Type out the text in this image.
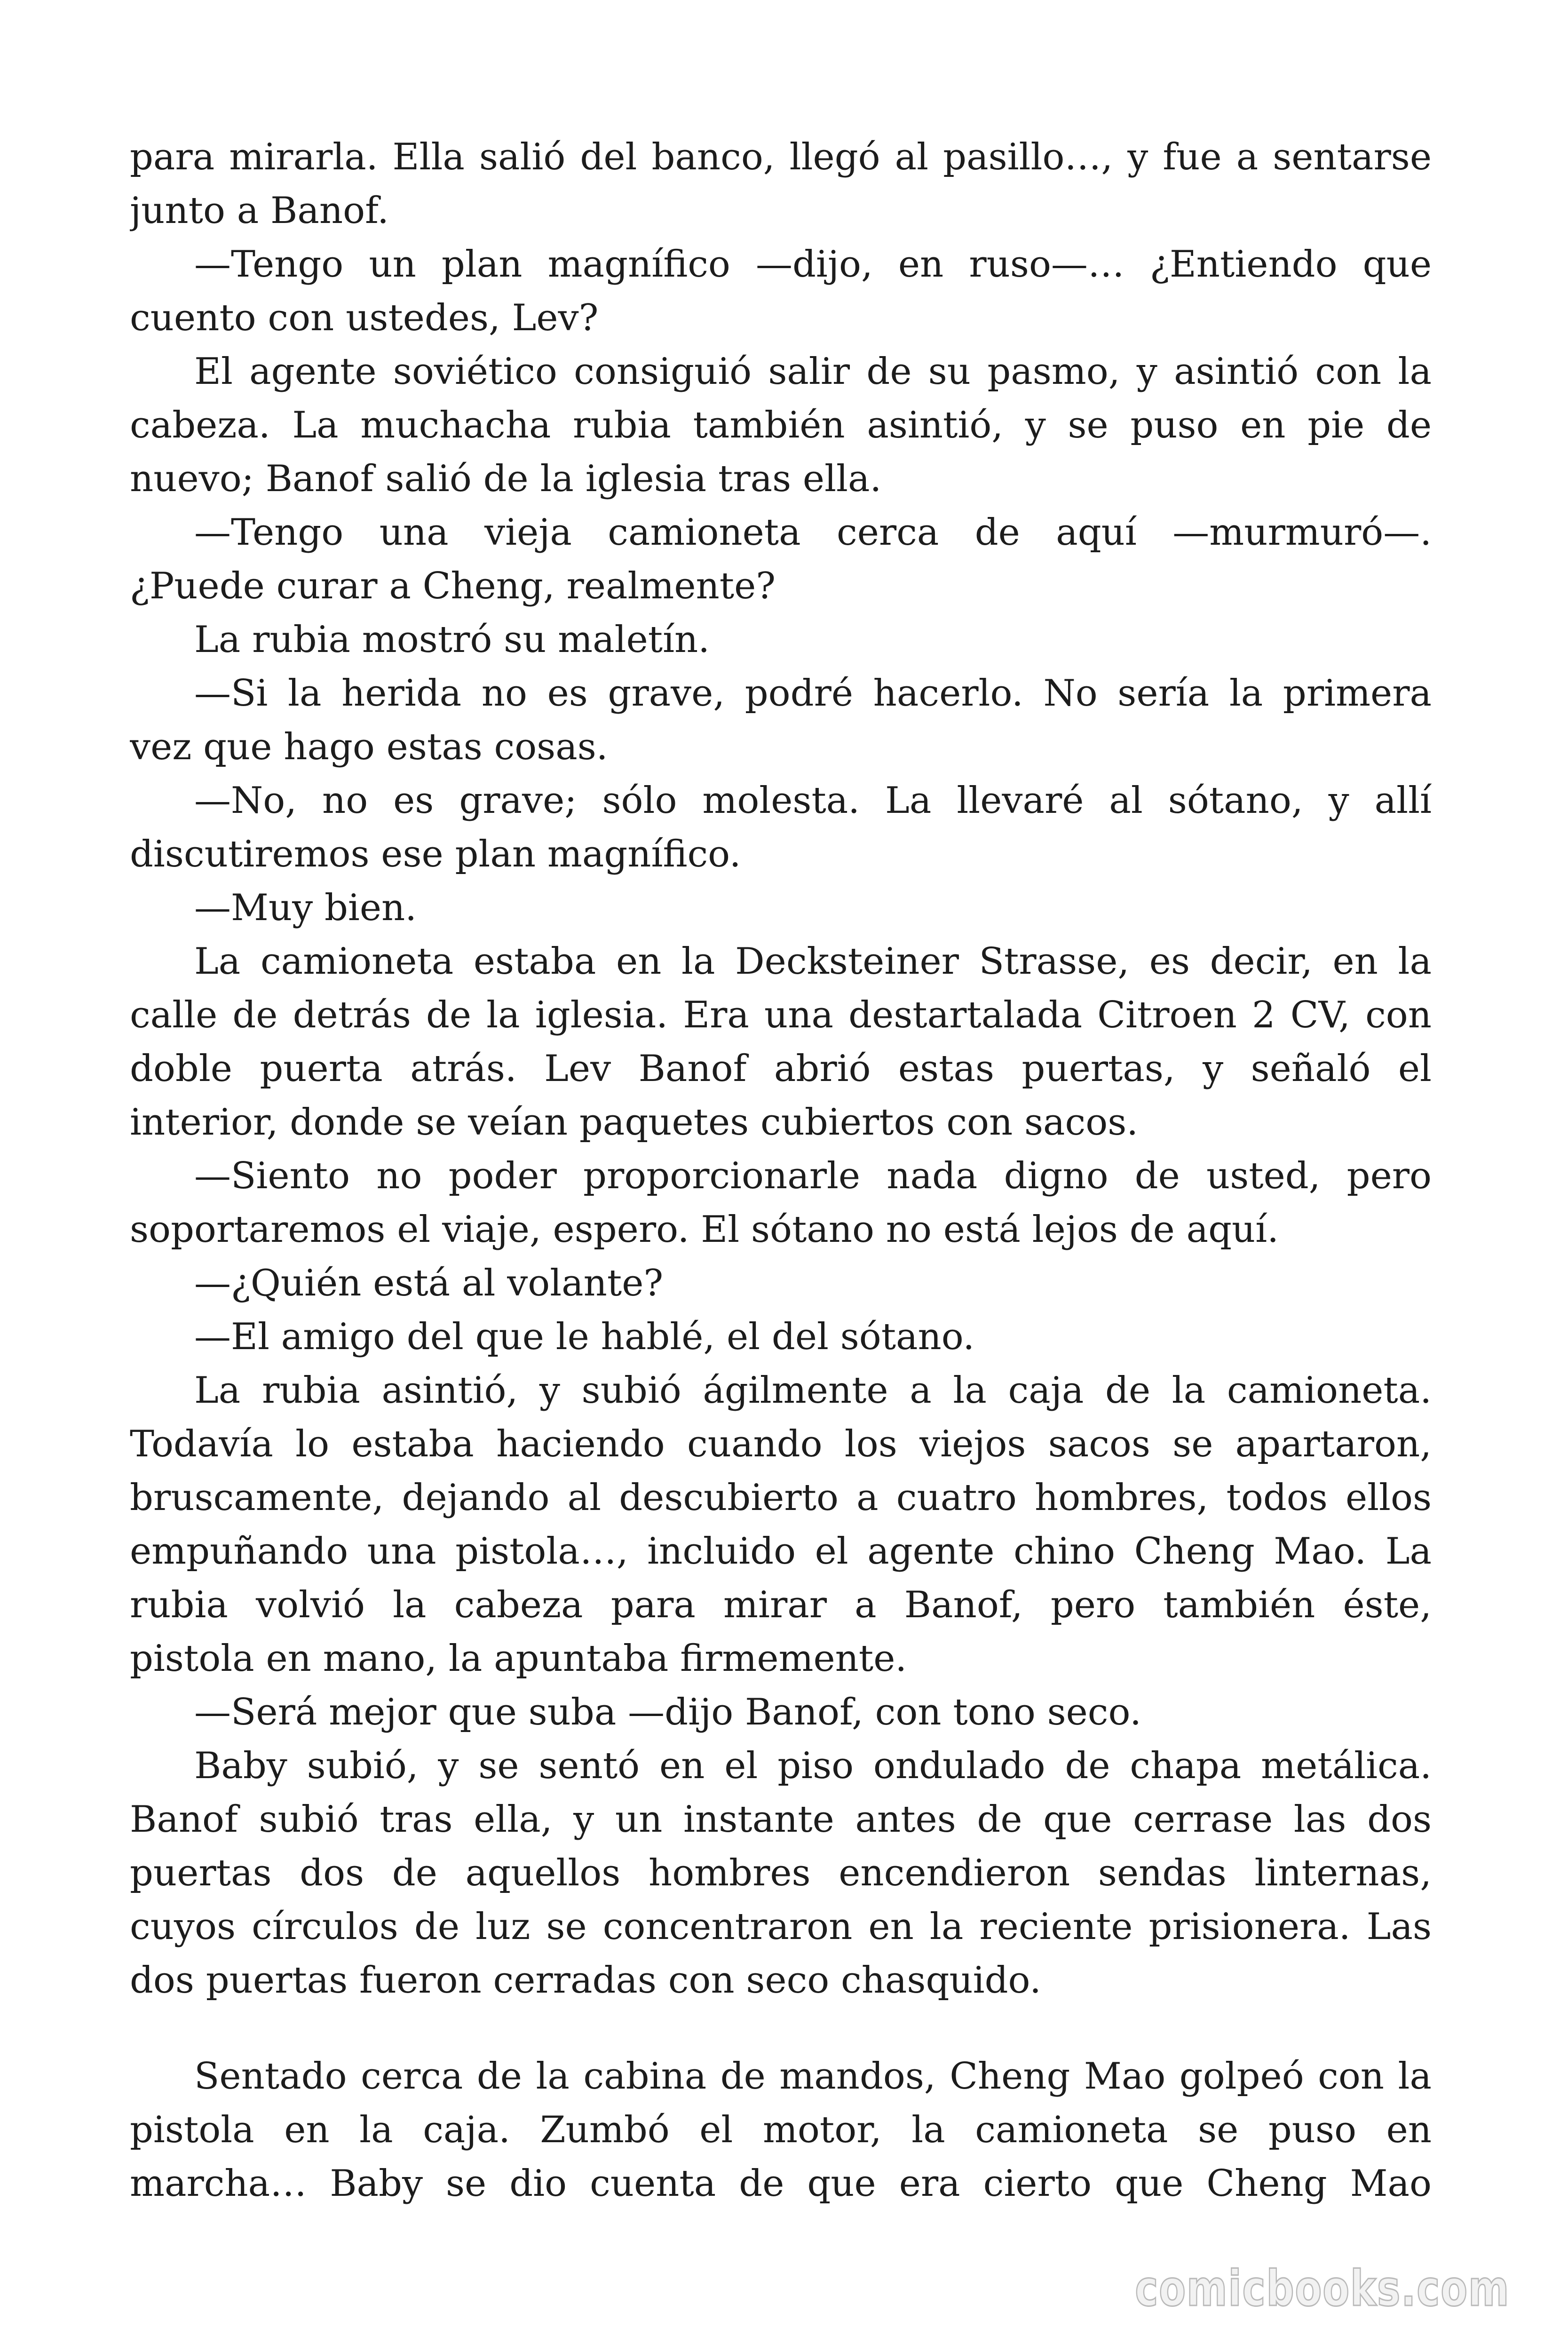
para mirarla. Ella salió del banco, llegó al pasillo…, y fue a sentarse
junto a Banof.
—Tengo un plan magnífico —dijo, en ruso—… ¿Entiendo que
cuento con ustedes, Lev?
El agente soviético consiguió salir de su pasmo, y asintió con la
cabeza. La muchacha rubia también asintió, y se puso en pie de
nuevo; Banof salió de la iglesia tras ella.
—Tengo una vieja camioneta cerca de aquí —murmuró—.
¿Puede curar a Cheng, realmente?
La rubia mostró su maletín.
—Si la herida no es grave, podré hacerlo. No sería la primera
vez que hago estas cosas.
—No, no es grave; sólo molesta. La llevaré al sótano, y allí
discutiremos ese plan magnífico.
—Muy bien.
La camioneta estaba en la Decksteiner Strasse, es decir, en la
calle de detrás de la iglesia. Era una destartalada Citroen 2 CV, con
doble puerta atrás. Lev Banof abrió estas puertas, y señaló el
interior, donde se veían paquetes cubiertos con sacos.
—Siento no poder proporcionarle nada digno de usted, pero
soportaremos el viaje, espero. El sótano no está lejos de aquí.
—¿Quién está al volante?
—El amigo del que le hablé, el del sótano.
La rubia asintió, y subió ágilmente a la caja de la camioneta.
Todavía lo estaba haciendo cuando los viejos sacos se apartaron,
bruscamente, dejando al descubierto a cuatro hombres, todos ellos
empuñando una pistola…, incluido el agente chino Cheng Mao. La
rubia volvió la cabeza para mirar a Banof, pero también éste,
pistola en mano, la apuntaba firmemente.
—Será mejor que suba —dijo Banof, con tono seco.
Baby subió, y se sentó en el piso ondulado de chapa metálica.
Banof subió tras ella, y un instante antes de que cerrase las dos
puertas dos de aquellos hombres encendieron sendas linternas,
cuyos círculos de luz se concentraron en la reciente prisionera. Las
dos puertas fueron cerradas con seco chasquido.
Sentado cerca de la cabina de mandos, Cheng Mao golpeó con la
pistola en la caja. Zumbó el motor, la camioneta se puso en
marcha… Baby se dio cuenta de que era cierto que Cheng Mao
comicbooks.com
